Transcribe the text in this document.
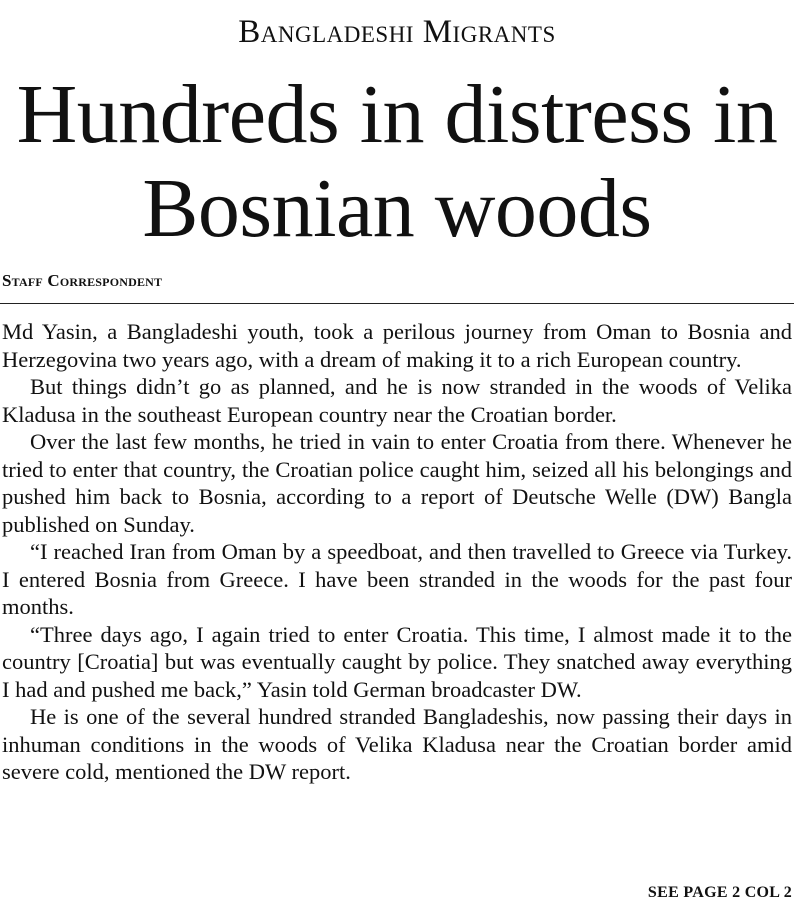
Bangladeshi Migrants
Hundreds in distress in Bosnian woods
Staff Correspondent

Md Yasin, a Bangladeshi youth, took a perilous journey from Oman to Bosnia and Herzegovina two years ago, with a dream of making it to a rich European country.

But things didn’t go as planned, and he is now stranded in the woods of Velika Kladusa in the southeast European country near the Croatian border.

Over the last few months, he tried in vain to enter Croatia from there. Whenever he tried to enter that country, the Croatian police caught him, seized all his belongings and pushed him back to Bosnia, according to a report of Deutsche Welle (DW) Bangla published on Sunday.

“I reached Iran from Oman by a speedboat, and then travelled to Greece via Turkey. I entered Bosnia from Greece. I have been stranded in the woods for the past four months.

“Three days ago, I again tried to enter Croatia. This time, I almost made it to the country [Croatia] but was eventually caught by police. They snatched away everything I had and pushed me back,” Yasin told German broadcaster DW.

He is one of the several hundred stranded Bangladeshis, now passing their days in inhuman conditions in the woods of Velika Kladusa near the Croatian border amid severe cold, mentioned the DW report.

SEE PAGE 2 COL 2
